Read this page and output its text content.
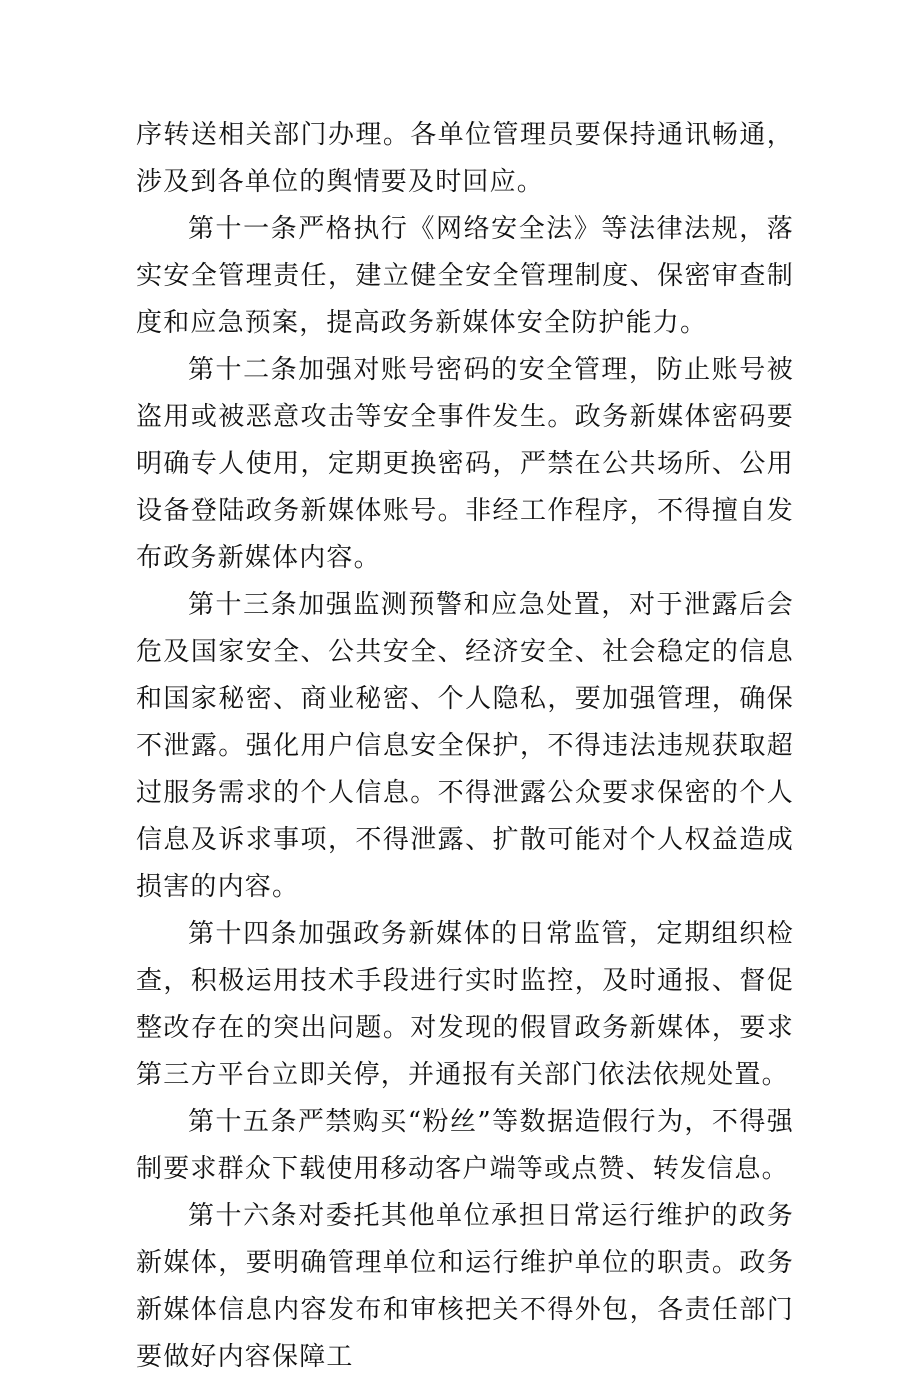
序转送相关部门办理。各单位管理员要保持通讯畅通，涉及到各单位的舆情要及时回应。

第十一条严格执行《网络安全法》等法律法规，落实安全管理责任，建立健全安全管理制度、保密审查制度和应急预案，提高政务新媒体安全防护能力。

第十二条加强对账号密码的安全管理，防止账号被盗用或被恶意攻击等安全事件发生。政务新媒体密码要明确专人使用，定期更换密码，严禁在公共场所、公用设备登陆政务新媒体账号。非经工作程序，不得擅自发布政务新媒体内容。

第十三条加强监测预警和应急处置，对于泄露后会危及国家安全、公共安全、经济安全、社会稳定的信息和国家秘密、商业秘密、个人隐私，要加强管理，确保不泄露。强化用户信息安全保护，不得违法违规获取超过服务需求的个人信息。不得泄露公众要求保密的个人信息及诉求事项，不得泄露、扩散可能对个人权益造成损害的内容。

第十四条加强政务新媒体的日常监管，定期组织检查，积极运用技术手段进行实时监控，及时通报、督促整改存在的突出问题。对发现的假冒政务新媒体，要求第三方平台立即关停，并通报有关部门依法依规处置。

第十五条严禁购买“粉丝”等数据造假行为，不得强制要求群众下载使用移动客户端等或点赞、转发信息。

第十六条对委托其他单位承担日常运行维护的政务新媒体，要明确管理单位和运行维护单位的职责。政务新媒体信息内容发布和审核把关不得外包，各责任部门要做好内容保障工
